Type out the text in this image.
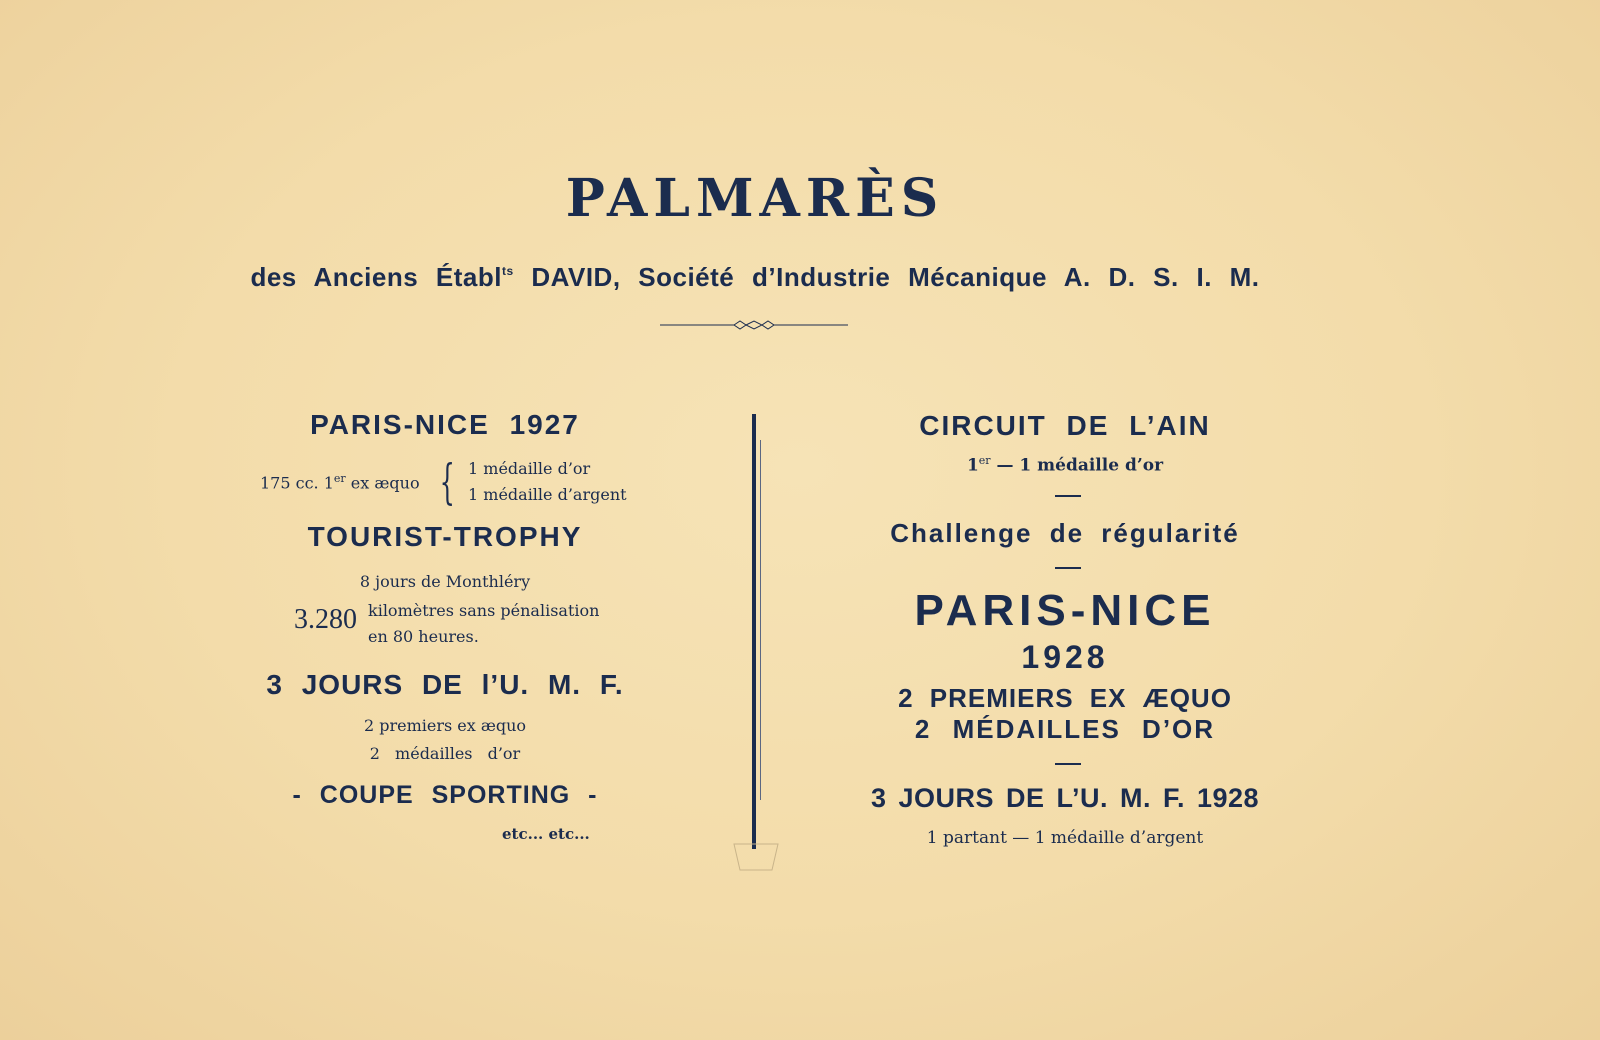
PALMARÈS
des Anciens Établ$^{ts}$ DAVID, Société d’Industrie Mécanique A. D. S. I. M.
PARIS-NICE 1927
175 cc. 1er ex æquo { 1 médaille d’or
1 médaille d’argent
TOURIST-TROPHY
8 jours de Monthléry
3.280 kilomètres sans pénalisation
en 80 heures.
3 JOURS DE l’U. M. F.
2 premiers ex æquo
2 médailles d’or
- COUPE SPORTING -
etc... etc...
CIRCUIT DE L’AIN
1er — 1 médaille d’or
Challenge de régularité
PARIS-NICE
1928
2 PREMIERS EX ÆQUO
2 MÉDAILLES D’OR
3 JOURS DE L’U. M. F. 1928
1 partant — 1 médaille d’argent
